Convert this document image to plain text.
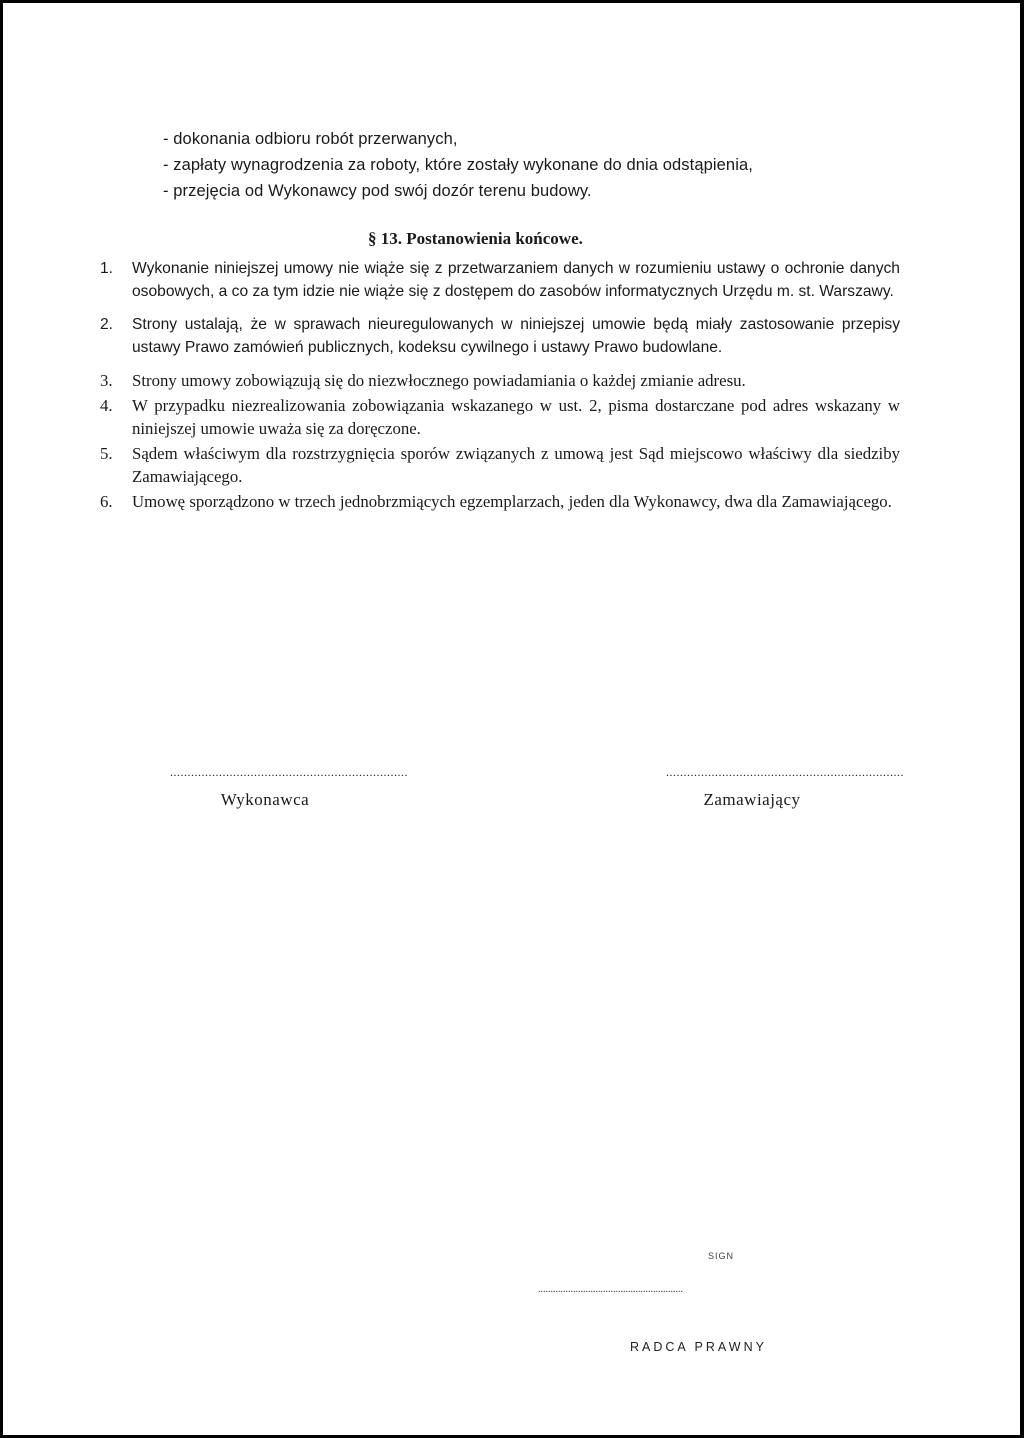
- dokonania odbioru robót przerwanych,
- zapłaty wynagrodzenia za roboty, które zostały wykonane do dnia odstąpienia,
- przejęcia od Wykonawcy pod swój dozór terenu budowy.
§ 13. Postanowienia końcowe.
1.	Wykonanie niniejszej umowy nie wiąże się z przetwarzaniem danych w rozumieniu ustawy o ochronie danych osobowych, a co za tym idzie nie wiąże się z dostępem do zasobów informatycznych Urzędu m. st. Warszawy.
2.	Strony ustalają, że w sprawach nieuregulowanych w niniejszej umowie będą miały zastosowanie przepisy ustawy Prawo zamówień publicznych, kodeksu cywilnego i ustawy Prawo budowlane.
3.	Strony umowy zobowiązują się do niezwłocznego powiadamiania o każdej zmianie adresu.
4.	W przypadku niezrealizowania zobowiązania wskazanego w ust. 2, pisma dostarczane pod adres wskazany w niniejszej umowie uważa się za doręczone.
5.	Sądem właściwym dla rozstrzygnięcia sporów związanych z umową jest Sąd miejscowo właściwy dla siedziby Zamawiającego.
6.	Umowę sporządzono w trzech jednobrzmiących egzemplarzach, jeden dla Wykonawcy, dwa dla Zamawiającego.
....................................................................
Wykonawca
....................................................................
Zamawiający
SIGN
..........................................................
RADCA PRAWNY
